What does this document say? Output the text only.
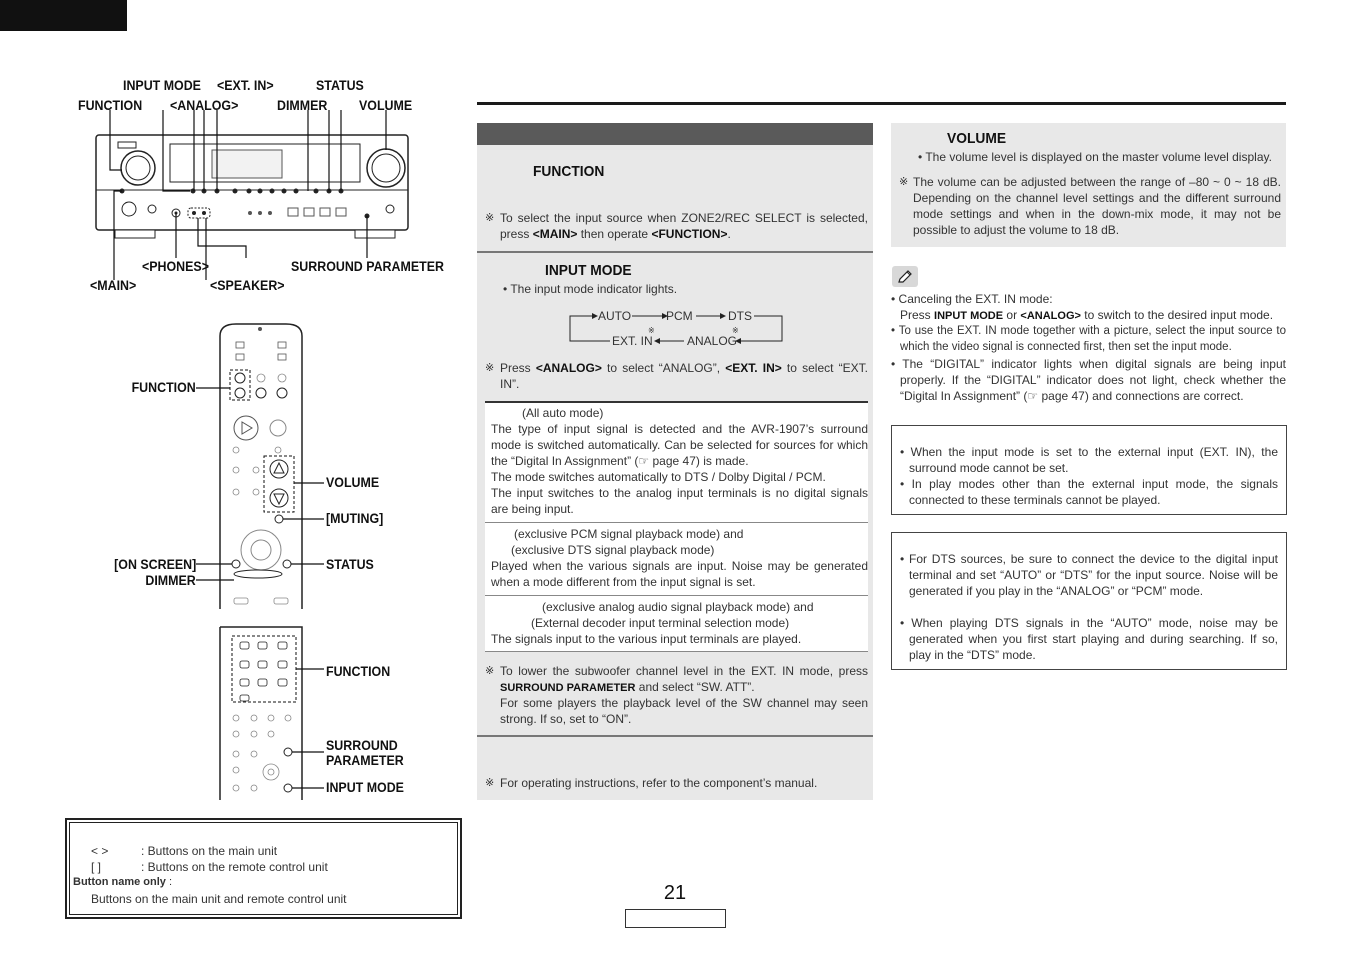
INPUT MODE <EXT. IN>	STATUS
FUNCTION <ANALOG>	DIMMER VOLUME
<PHONES>	SURROUND PARAMETER
<MAIN>	<SPEAKER>
FUNCTION
VOLUME
[MUTING]
[ON SCREEN]
DIMMER
STATUS
FUNCTION
SURROUND
PARAMETER
INPUT MODE
< >	: Buttons on the main unit
[ ]	: Buttons on the remote control unit
Button name only :
Buttons on the main unit and remote control unit
FUNCTION
※ To select the input source when ZONE2/REC SELECT is selected, press <MAIN> then operate <FUNCTION>.
INPUT MODE
• The input mode indicator lights.
AUTO	PCM	DTS
EXT. IN
※
ANALOG
※
※ Press <ANALOG> to select “ANALOG”, <EXT. IN> to select “EXT. IN”.
(All auto mode)
The type of input signal is detected and the AVR-1907’s surround mode is switched automatically. Can be selected for sources for which the “Digital In Assignment” (☞ page 47) is made.
The mode switches automatically to DTS / Dolby Digital / PCM.
The input switches to the analog input terminals is no digital signals are being input.
(exclusive PCM signal playback mode) and
(exclusive DTS signal playback mode)
Played when the various signals are input. Noise may be generated when a mode different from the input signal is set.
(exclusive analog audio signal playback mode) and
(External decoder input terminal selection mode)
The signals input to the various input terminals are played.
※ To lower the subwoofer channel level in the EXT. IN mode, press SURROUND PARAMETER and select “SW. ATT”.
For some players the playback level of the SW channel may seen strong. If so, set to “ON”.
※ For operating instructions, refer to the component’s manual.
VOLUME
• The volume level is displayed on the master volume level display.
※ The volume can be adjusted between the range of –80 ~ 0 ~ 18 dB. Depending on the channel level settings and the different surround mode settings and when in the down-mix mode, it may not be possible to adjust the volume to 18 dB.
• Canceling the EXT. IN mode:
Press INPUT MODE or <ANALOG> to switch to the desired input mode.
• To use the EXT. IN mode together with a picture, select the input source to which the video signal is connected first, then set the input mode.
• The “DIGITAL” indicator lights when digital signals are being input properly. If the “DIGITAL” indicator does not light, check whether the “Digital In Assignment” (☞ page 47) and connections are correct.
• When the input mode is set to the external input (EXT. IN), the surround mode cannot be set.
• In play modes other than the external input mode, the signals connected to these terminals cannot be played.
• For DTS sources, be sure to connect the device to the digital input terminal and set “AUTO” or “DTS” for the input source. Noise will be generated if you play in the “ANALOG” or “PCM” mode.
• When playing DTS signals in the “AUTO” mode, noise may be generated when you first start playing and during searching. If so, play in the “DTS” mode.
21
